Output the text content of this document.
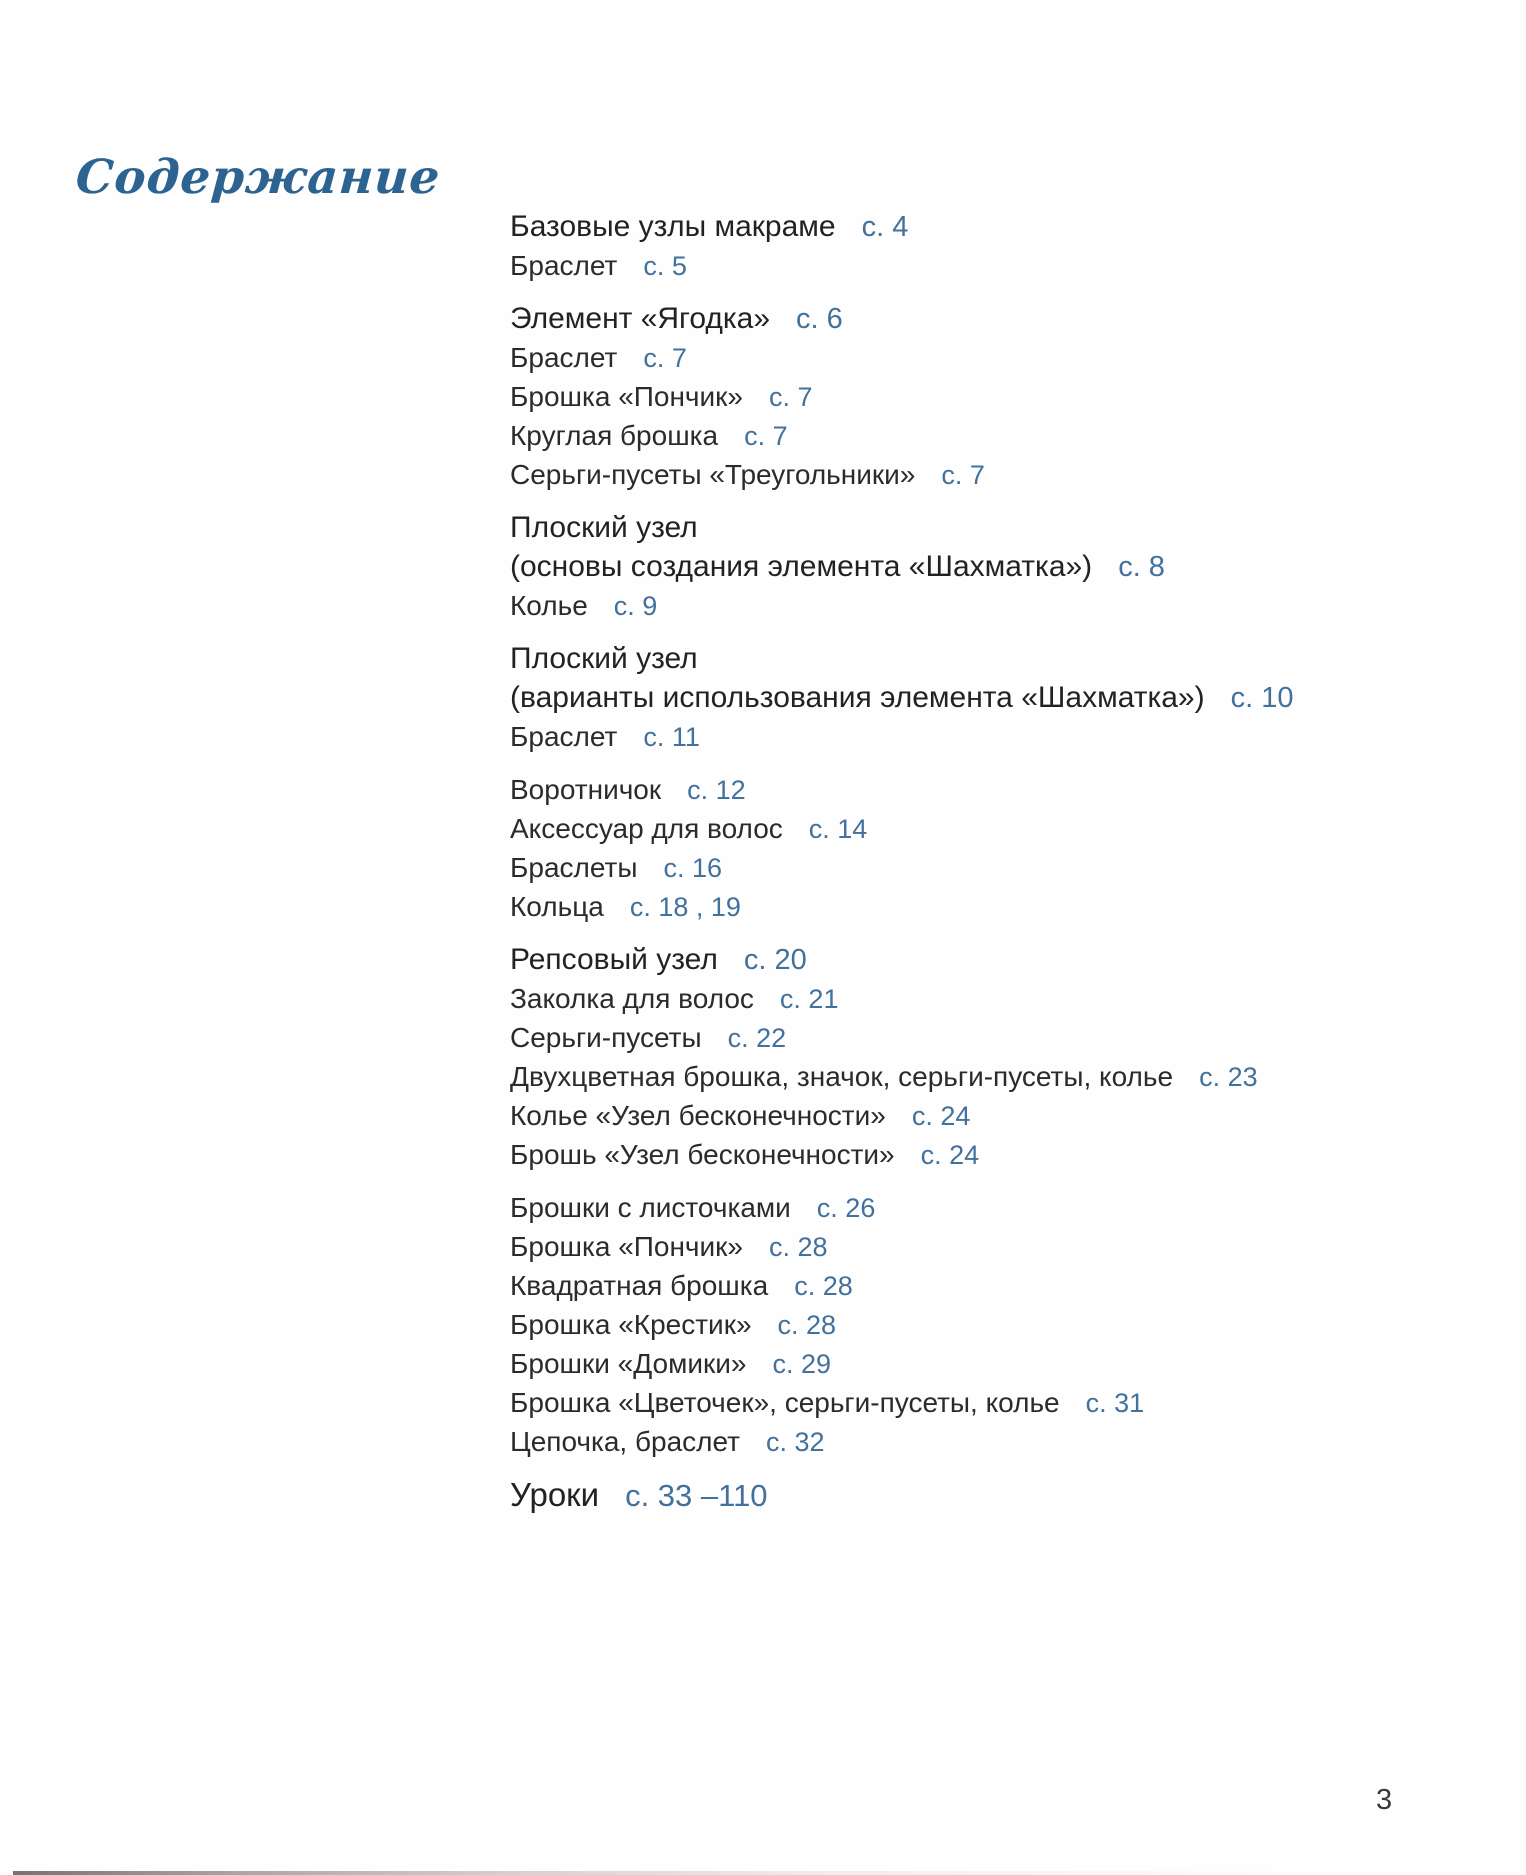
Содержание
Базовые узлы макраме с. 4
Браслет с. 5
Элемент «Ягодка» с. 6
Браслет с. 7
Брошка «Пончик» с. 7
Круглая брошка с. 7
Серьги-пусеты «Треугольники» с. 7
Плоский узел
(основы создания элемента «Шахматка») с. 8
Колье с. 9
Плоский узел
(варианты использования элемента «Шахматка») с. 10
Браслет с. 11
Воротничок с. 12
Аксессуар для волос с. 14
Браслеты с. 16
Кольца с. 18 , 19
Репсовый узел с. 20
Заколка для волос с. 21
Серьги-пусеты с. 22
Двухцветная брошка, значок, серьги-пусеты, колье с. 23
Колье «Узел бесконечности» с. 24
Брошь «Узел бесконечности» с. 24
Брошки с листочками с. 26
Брошка «Пончик» с. 28
Квадратная брошка с. 28
Брошка «Крестик» с. 28
Брошки «Домики» с. 29
Брошка «Цветочек», серьги-пусеты, колье с. 31
Цепочка, браслет с. 32
Уроки с. 33 –110
3
